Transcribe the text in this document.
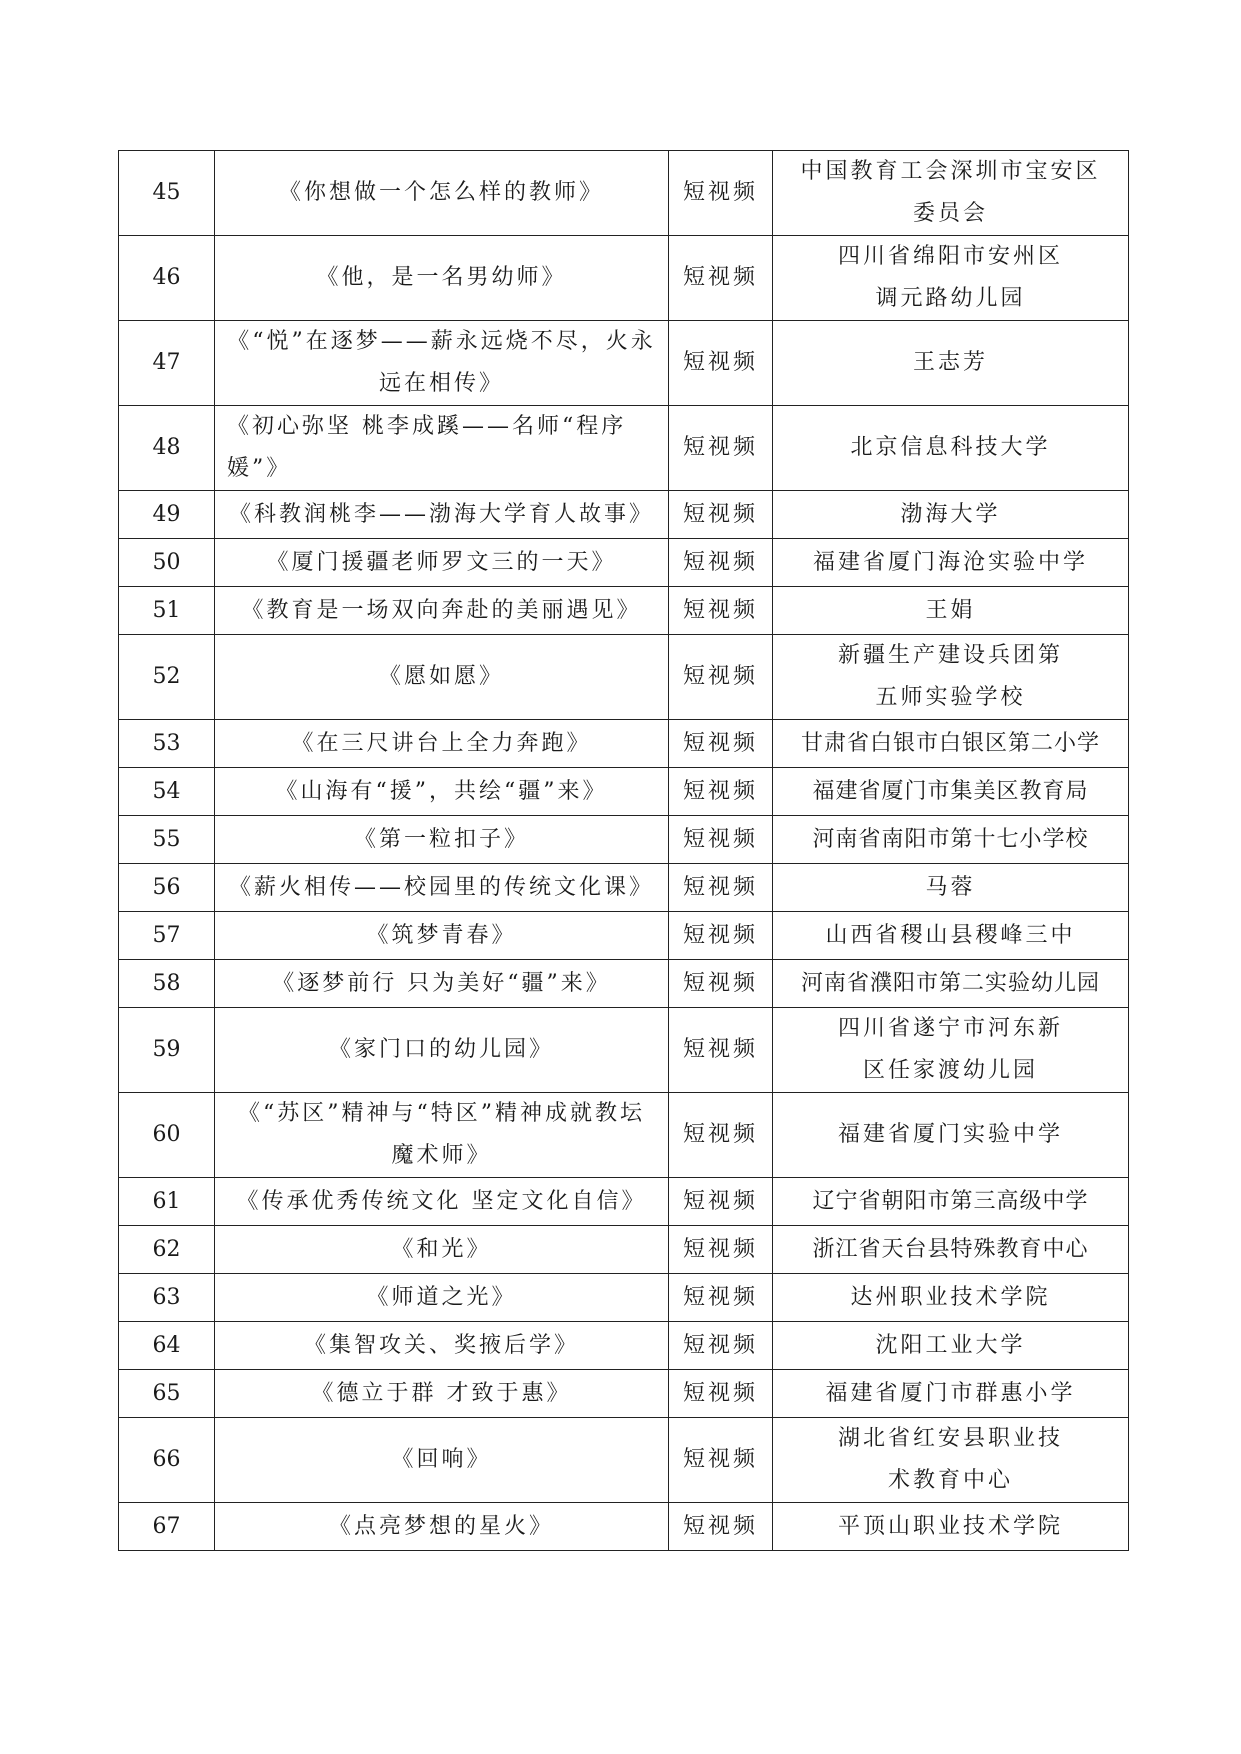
45	《你想做一个怎么样的教师》	短视频	中国教育工会深圳市宝安区委员会
46	《他，是一名男幼师》	短视频	四川省绵阳市安州区调元路幼儿园
47	《“悦”在逐梦——薪永远烧不尽，火永远在相传》	短视频	王志芳
48	《初心弥坚 桃李成蹊——名师“程序媛”》	短视频	北京信息科技大学
49	《科教润桃李——渤海大学育人故事》	短视频	渤海大学
50	《厦门援疆老师罗文三的一天》	短视频	福建省厦门海沧实验中学
51	《教育是一场双向奔赴的美丽遇见》	短视频	王娟
52	《愿如愿》	短视频	新疆生产建设兵团第五师实验学校
53	《在三尺讲台上全力奔跑》	短视频	甘肃省白银市白银区第二小学
54	《山海有“援”，共绘“疆”来》	短视频	福建省厦门市集美区教育局
55	《第一粒扣子》	短视频	河南省南阳市第十七小学校
56	《薪火相传——校园里的传统文化课》	短视频	马蓉
57	《筑梦青春》	短视频	山西省稷山县稷峰三中
58	《逐梦前行 只为美好“疆”来》	短视频	河南省濮阳市第二实验幼儿园
59	《家门口的幼儿园》	短视频	四川省遂宁市河东新区任家渡幼儿园
60	《“苏区”精神与“特区”精神成就教坛魔术师》	短视频	福建省厦门实验中学
61	《传承优秀传统文化 坚定文化自信》	短视频	辽宁省朝阳市第三高级中学
62	《和光》	短视频	浙江省天台县特殊教育中心
63	《师道之光》	短视频	达州职业技术学院
64	《集智攻关、奖掖后学》	短视频	沈阳工业大学
65	《德立于群 才致于惠》	短视频	福建省厦门市群惠小学
66	《回响》	短视频	湖北省红安县职业技术教育中心
67	《点亮梦想的星火》	短视频	平顶山职业技术学院
